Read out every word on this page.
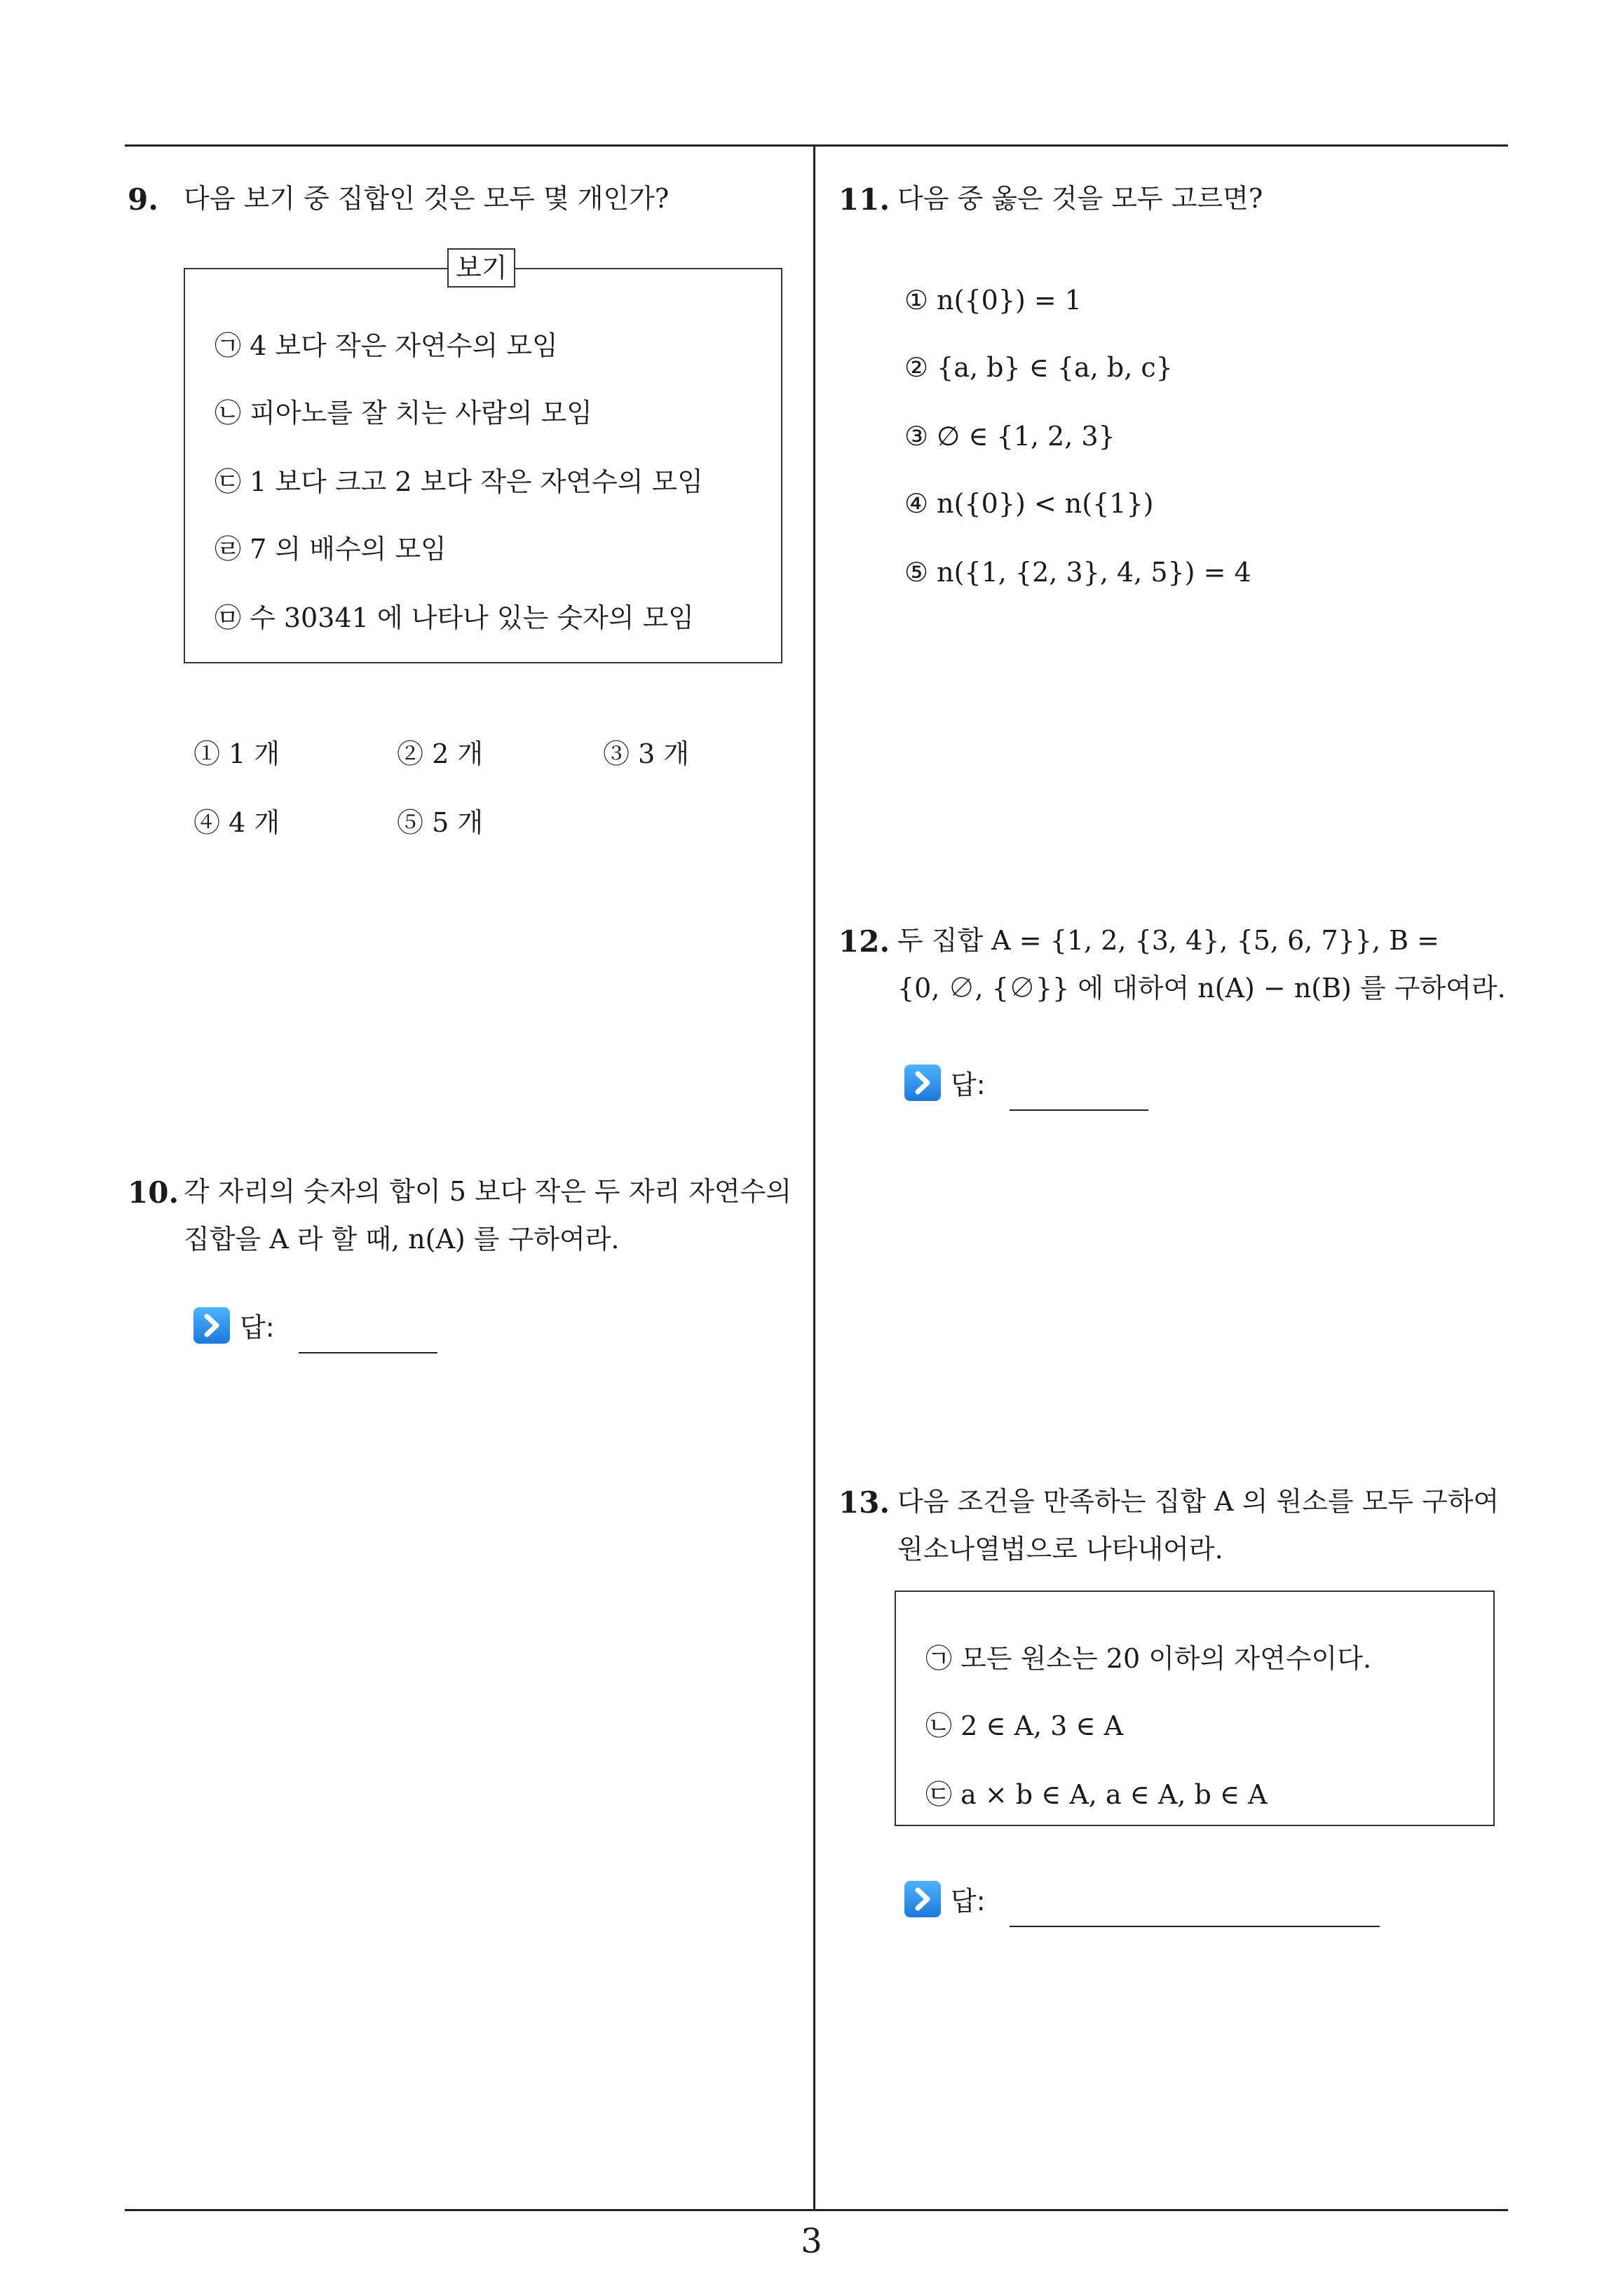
9. 다음 보기 중 집합인 것은 모두 몇 개인가?
보기
㉠ 4 보다 작은 자연수의 모임
㉡ 피아노를 잘 치는 사람의 모임
㉢ 1 보다 크고 2 보다 작은 자연수의 모임
㉣ 7 의 배수의 모임
㉤ 수 30341 에 나타나 있는 숫자의 모임
① 1 개	② 2 개	③ 3 개
④ 4 개	⑤ 5 개
10. 각 자리의 숫자의 합이 5 보다 작은 두 자리 자연수의
집합을 A 라 할 때, n(A) 를 구하여라.
답:
11. 다음 중 옳은 것을 모두 고르면?
① n({0}) = 1
② {a, b} ∈ {a, b, c}
③ ∅ ∈ {1, 2, 3}
④ n({0}) < n({1})
⑤ n({1, {2, 3}, 4, 5}) = 4
12. 두 집합 A = {1, 2, {3, 4}, {5, 6, 7}}, B =
{0, ∅, {∅}} 에 대하여 n(A) − n(B) 를 구하여라.
답:
13. 다음 조건을 만족하는 집합 A 의 원소를 모두 구하여
원소나열법으로 나타내어라.
㉠ 모든 원소는 20 이하의 자연수이다.
㉡ 2 ∈ A, 3 ∈ A
㉢ a × b ∈ A, a ∈ A, b ∈ A
답:
3
